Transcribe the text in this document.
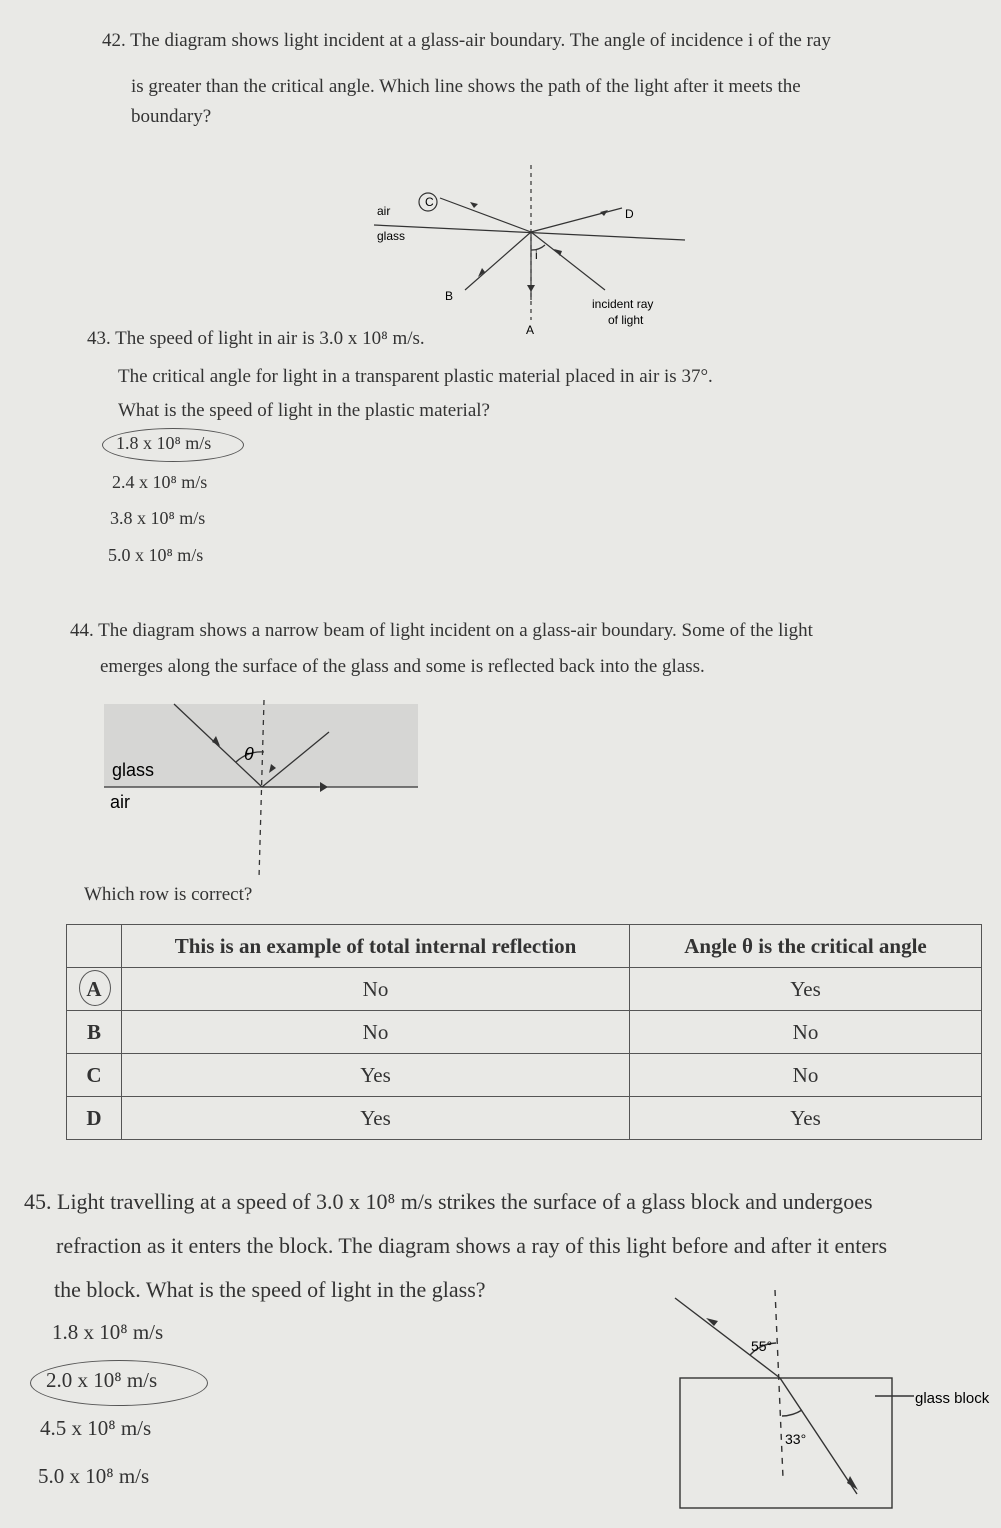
42. The diagram shows light incident at a glass-air boundary. The angle of incidence i of the ray
is greater than the critical angle. Which line shows the path of the light after it meets the
boundary?
air
glass
C
D
B
A
i
incident ray
of light
43. The speed of light in air is 3.0 x 10⁸ m/s.
The critical angle for light in a transparent plastic material placed in air is 37°.
What is the speed of light in the plastic material?
1.8 x 10⁸ m/s
2.4 x 10⁸ m/s
3.8 x 10⁸ m/s
5.0 x 10⁸ m/s
44. The diagram shows a narrow beam of light incident on a glass-air boundary. Some of the light
emerges along the surface of the glass and some is reflected back into the glass.
glass
air
θ
Which row is correct?
	This is an example of total internal reflection	Angle θ is the critical angle
A	No	Yes
B	No	No
C	Yes	No
D	Yes	Yes
45. Light travelling at a speed of 3.0 x 10⁸ m/s strikes the surface of a glass block and undergoes
refraction as it enters the block. The diagram shows a ray of this light before and after it enters
the block. What is the speed of light in the glass?
1.8 x 10⁸ m/s
2.0 x 10⁸ m/s
4.5 x 10⁸ m/s
5.0 x 10⁸ m/s
55°
33°
glass block
